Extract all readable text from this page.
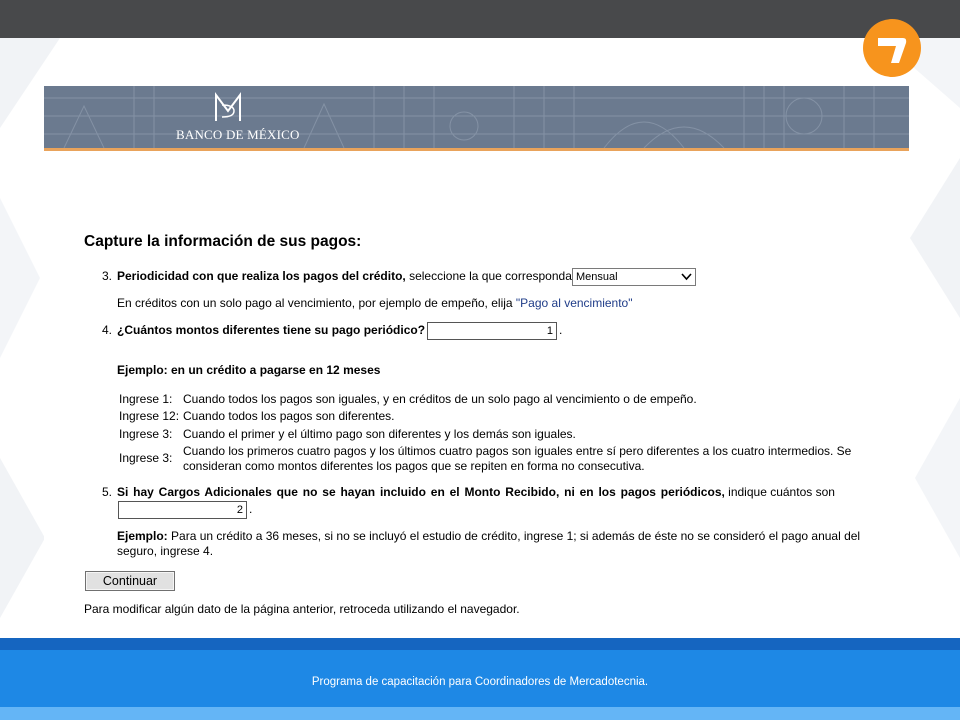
BANCO DE MÉXICO
Capture la información de sus pagos:
3. Periodicidad con que realiza los pagos del crédito, seleccione la que corresponda Mensual
En créditos con un solo pago al vencimiento, por ejemplo de empeño, elija "Pago al vencimiento"
4. ¿Cuántos montos diferentes tiene su pago periódico?	1 .
Ejemplo: en un crédito a pagarse en 12 meses
Ingrese 1: Cuando todos los pagos son iguales, y en créditos de un solo pago al vencimiento o de empeño.
Ingrese 12: Cuando todos los pagos son diferentes.
Ingrese 3: Cuando el primer y el último pago son diferentes y los demás son iguales.
Ingrese 3: Cuando los primeros cuatro pagos y los últimos cuatro pagos son iguales entre sí pero diferentes a los cuatro intermedios. Se
consideran como montos diferentes los pagos que se repiten en forma no consecutiva.
5. Si hay Cargos Adicionales que no se hayan incluido en el Monto Recibido, ni en los pagos periódicos, indique cuántos son
2 .
Ejemplo: Para un crédito a 36 meses, si no se incluyó el estudio de crédito, ingrese 1; si además de éste no se consideró el pago anual del
seguro, ingrese 4.
Continuar
Para modificar algún dato de la página anterior, retroceda utilizando el navegador.
Programa de capacitación para Coordinadores de Mercadotecnia.
